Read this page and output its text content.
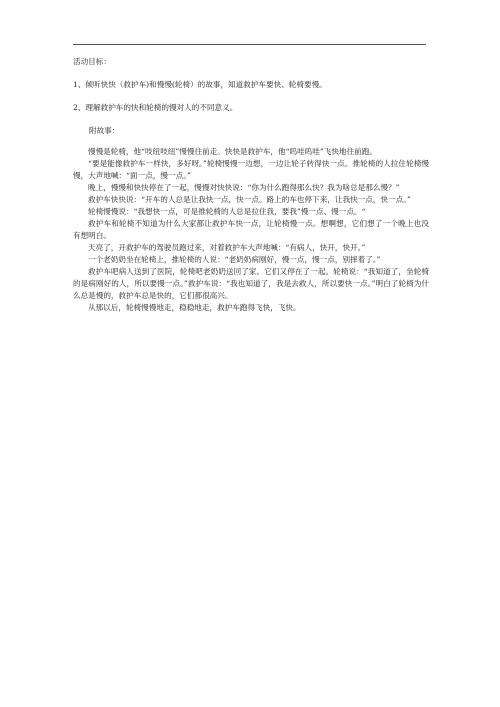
活动目标：

1、倾听快快（救护车)和慢慢(轮椅）的故事，知道救护车要快、轮椅要慢。

2、理解救护车的快和轮椅的慢对人的不同意义。

附故事：

慢慢是轮椅，他“吱纽吱纽”慢慢往前走。快快是救护车，他“呜哇呜哇”飞快地往前跑。

“要是能像救护车一样快，多好呀。”轮椅慢慢一边想，一边让轮子转得快一点。推轮椅的人拉住轮椅慢慢，大声地喊：“面一点，慢一点。”

晚上，慢慢和快快停在了一起，慢慢对快快说：“你为什么跑得那么快？我为啥总是那么慢？”

救护车快快说：“开车的人总是让我快一点，快一点。路上的车也停下来，让我快一点，快一点。”

轮椅慢慢说：“我想快一点，可是推轮椅的人总是拉住我，要我”慢一点、慢一点。“

救护车和轮椅不知道为什么大家都让救护车快一点，让轮椅慢一点。想啊想，它们想了一个晚上也没有想明白。

天亮了，开救护车的驾驶员跑过来，对着救护车大声地喊：“有病人，快开，快开。”

一个老奶奶坐在轮椅上，推轮椅的人说：“老奶奶病刚好，慢一点，慢一点，别摔着了。”

救护车吧病人送到了医院，轮椅吧老奶奶送回了家。它们又停在了一起。轮椅说：“我知道了，坐轮椅的是病刚好的人，所以要慢一点。”救护车说：“我也知道了，我是去救人，所以要快一点。”明白了轮椅为什么总是慢的，救护车总是快的，它们都很高兴。

从那以后，轮椅慢慢地走，稳稳地走，救护车跑得飞快，飞快。
